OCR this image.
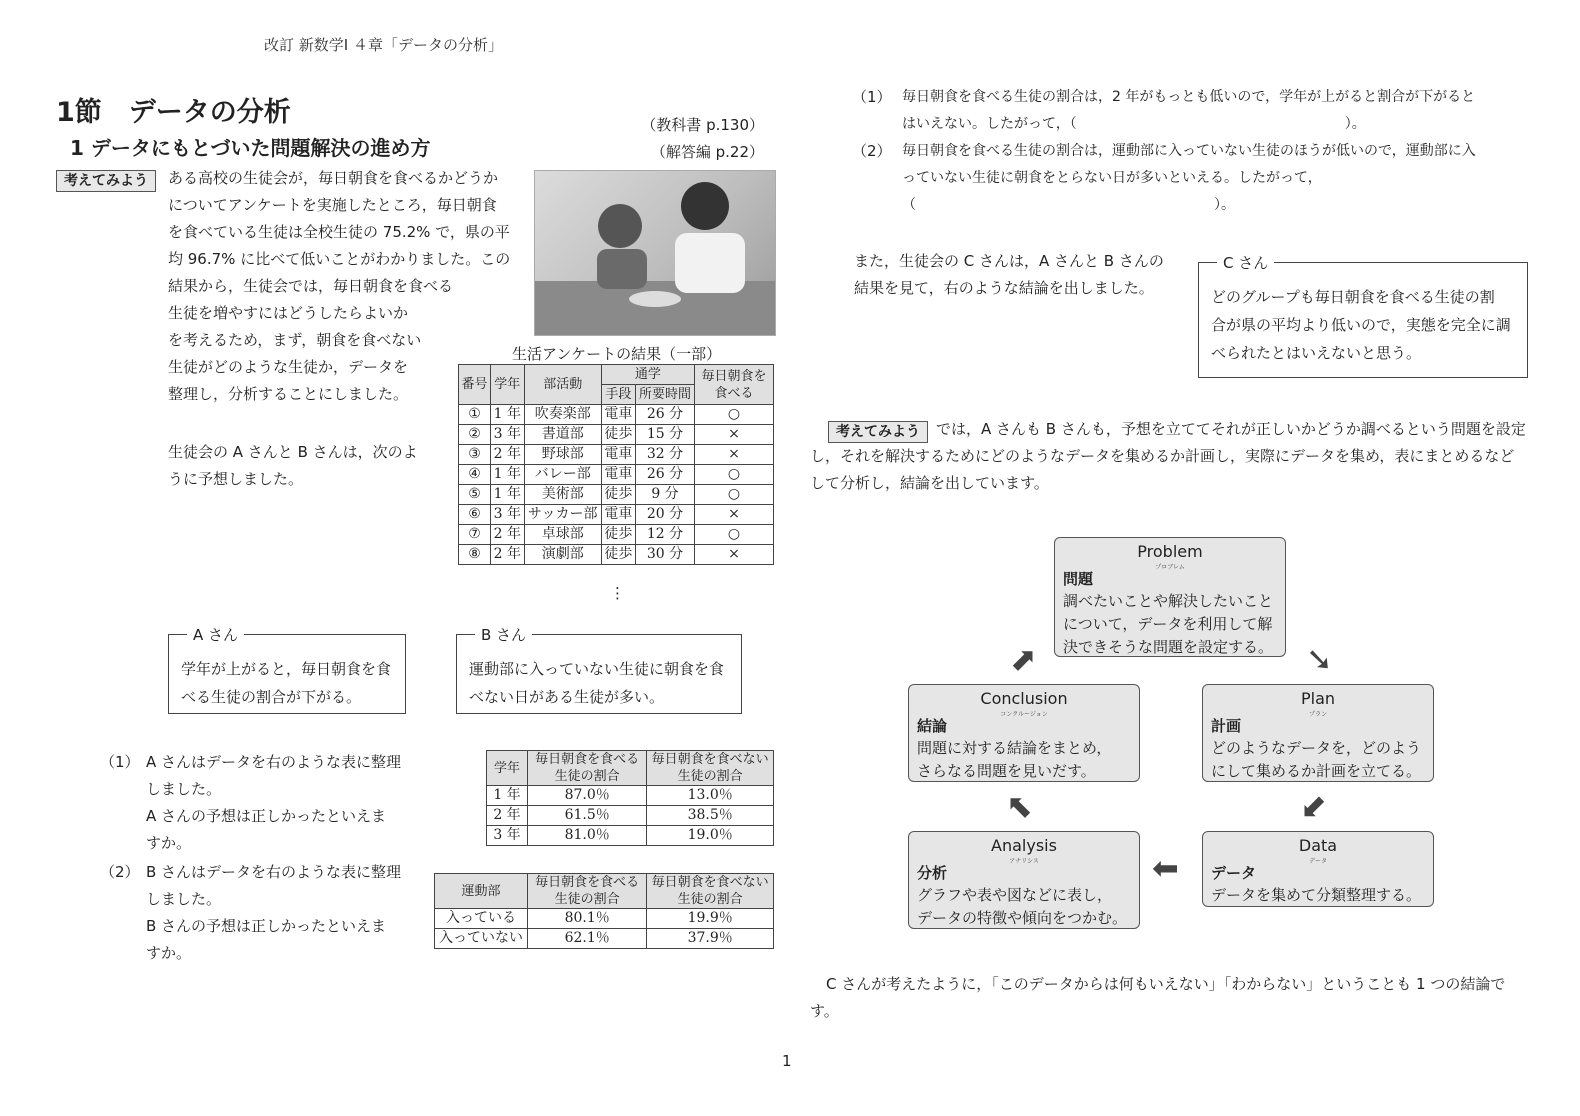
改訂 新数学Ⅰ ４章「データの分析」
1節　データの分析
1 データにもとづいた問題解決の進め方
（教科書 p.130）
（解答編 p.22）
考えてみよう	ある高校の生徒会が，毎日朝食を食べるかどうか
についてアンケートを実施したところ，毎日朝食
を食べている生徒は全校生徒の 75.2% で，県の平
均 96.7% に比べて低いことがわかりました。この
結果から，生徒会では，毎日朝食を食べる
生徒を増やすにはどうしたらよいか
を考えるため，まず，朝食を食べない
生徒がどのような生徒か，データを
整理し，分析することにしました。
生活アンケートの結果（一部）
番号	学年	部活動	通学		毎日朝食を食べる
			手段	所要時間	
①	1 年	吹奏楽部	電車	26 分	○
②	3 年	書道部	徒歩	15 分	×
③	2 年	野球部	電車	32 分	×
④	1 年	バレー部	電車	26 分	○
⑤	1 年	美術部	徒歩	9 分	○
⑥	3 年	サッカー部	電車	20 分	×
⑦	2 年	卓球部	徒歩	12 分	○
⑧	2 年	演劇部	徒歩	30 分	×
⋮
生徒会の A さんと B さんは，次のよ
うに予想しました。
A さん
学年が上がると，毎日朝食を食
べる生徒の割合が下がる。
B さん
運動部に入っていない生徒に朝食を食
べない日がある生徒が多い。
（1） A さんはデータを右のような表に整理
しました。
A さんの予想は正しかったといえま
すか。
（2） B さんはデータを右のような表に整理
しました。
B さんの予想は正しかったといえま
すか。
学年	毎日朝食を食べる生徒の割合	毎日朝食を食べない生徒の割合
1 年	87.0％	13.0％
2 年	61.5％	38.5％
3 年	81.0％	19.0％
運動部	毎日朝食を食べる生徒の割合	毎日朝食を食べない生徒の割合
入っている	80.1％	19.9％
入っていない	62.1％	37.9％
（1） 毎日朝食を食べる生徒の割合は，2 年がもっとも低いので，学年が上がると割合が下がると
はいえない。したがって，（	）。
（2） 毎日朝食を食べる生徒の割合は，運動部に入っていない生徒のほうが低いので，運動部に入
っていない生徒に朝食をとらない日が多いといえる。したがって，
（	）。
また，生徒会の C さんは，A さんと B さんの
結果を見て，右のような結論を出しました。
C さん
どのグループも毎日朝食を食べる生徒の割
合が県の平均より低いので，実態を完全に調
べられたとはいえないと思う。
考えてみよう	では，A さんも B さんも，予想を立ててそれが正しいかどうか調べるという問題を設定
し，それを解決するためにどのようなデータを集めるか計画し，実際にデータを集め，表にまとめるなど
して分析し，結論を出しています。
Problem
プロブレム
問題
調べたいことや解決したいこと
について，データを利用して解
決できそうな問題を設定する。
Plan
プラン
計画
どのようなデータを，どのよう
にして集めるか計画を立てる。
Data
データ
データ
データを集めて分類整理する。
Analysis
アナリシス
分析
グラフや表や図などに表し，
データの特徴や傾向をつかむ。
Conclusion
コンクルージョン
結論
問題に対する結論をまとめ，
さらなる問題を見いだす。
➘
⬋
⬅
⬉
⬈
C さんが考えたように，「このデータからは何もいえない」「わからない」ということも 1 つの結論で
す。
1
